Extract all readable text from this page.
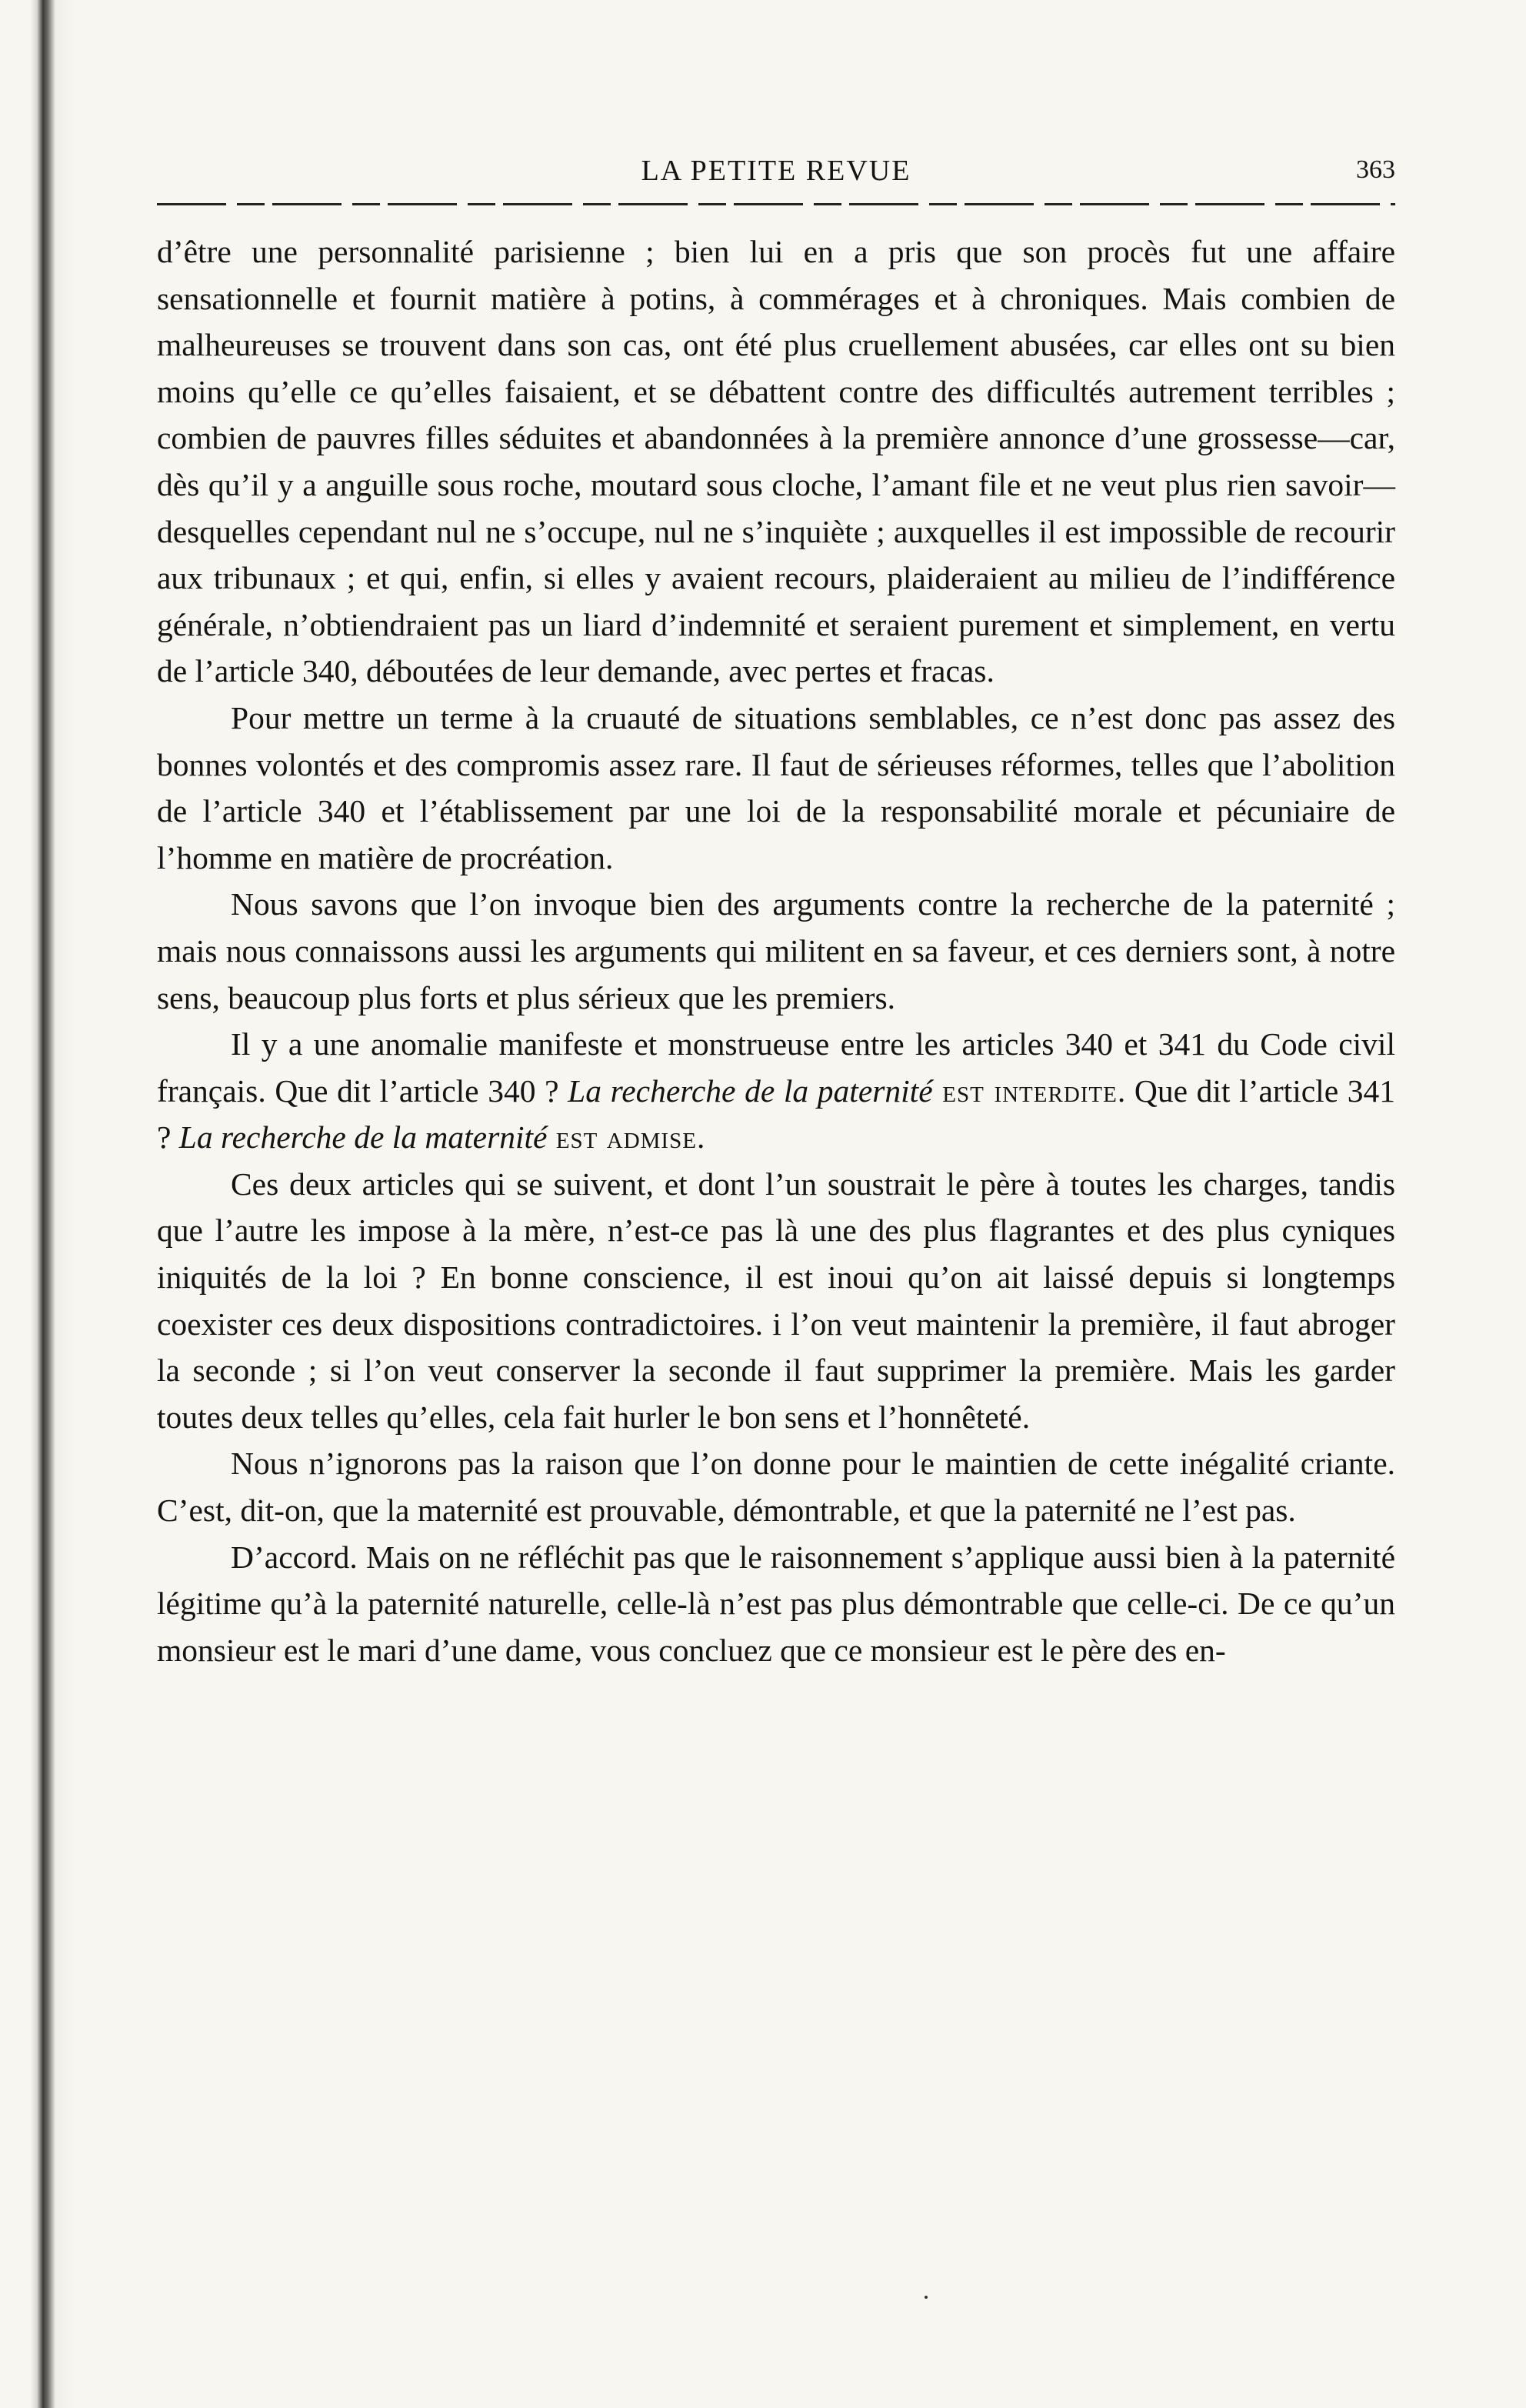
LA PETITE REVUE	363

d’être une personnalité parisienne ; bien lui en a pris que son procès fut une affaire sensationnelle et fournit matière à potins, à commérages et à chroniques. Mais combien de malheureuses se trouvent dans son cas, ont été plus cruellement abusées, car elles ont su bien moins qu’elle ce qu’elles faisaient, et se débattent contre des difficultés autrement terribles ; combien de pauvres filles séduites et abandonnées à la première annonce d’une grossesse—car, dès qu’il y a anguille sous roche, moutard sous cloche, l’amant file et ne veut plus rien savoir—desquelles cependant nul ne s’occupe, nul ne s’inquiète ; auxquelles il est impossible de recourir aux tribunaux ; et qui, enfin, si elles y avaient recours, plaideraient au milieu de l’indifférence générale, n’obtiendraient pas un liard d’indemnité et seraient purement et simplement, en vertu de l’article 340, déboutées de leur demande, avec pertes et fracas.

Pour mettre un terme à la cruauté de situations semblables, ce n’est donc pas assez des bonnes volontés et des compromis assez rare. Il faut de sérieuses réformes, telles que l’abolition de l’article 340 et l’établissement par une loi de la responsabilité morale et pécuniaire de l’homme en matière de procréation.

Nous savons que l’on invoque bien des arguments contre la recherche de la paternité ; mais nous connaissons aussi les arguments qui militent en sa faveur, et ces derniers sont, à notre sens, beaucoup plus forts et plus sérieux que les premiers.

Il y a une anomalie manifeste et monstrueuse entre les articles 340 et 341 du Code civil français. Que dit l’article 340 ? La recherche de la paternité est interdite. Que dit l’article 341 ? La recherche de la maternité est admise.

Ces deux articles qui se suivent, et dont l’un soustrait le père à toutes les charges, tandis que l’autre les impose à la mère, n’est-ce pas là une des plus flagrantes et des plus cyniques iniquités de la loi ? En bonne conscience, il est inoui qu’on ait laissé depuis si longtemps coexister ces deux dispositions contradictoires. i l’on veut maintenir la première, il faut abroger la seconde ; si l’on veut conserver la seconde il faut supprimer la première. Mais les garder toutes deux telles qu’elles, cela fait hurler le bon sens et l’honnêteté.

Nous n’ignorons pas la raison que l’on donne pour le maintien de cette inégalité criante. C’est, dit-on, que la maternité est prouvable, démontrable, et que la paternité ne l’est pas.

D’accord. Mais on ne réfléchit pas que le raisonnement s’applique aussi bien à la paternité légitime qu’à la paternité naturelle, celle-là n’est pas plus démontrable que celle-ci. De ce qu’un monsieur est le mari d’une dame, vous concluez que ce monsieur est le père des en-
